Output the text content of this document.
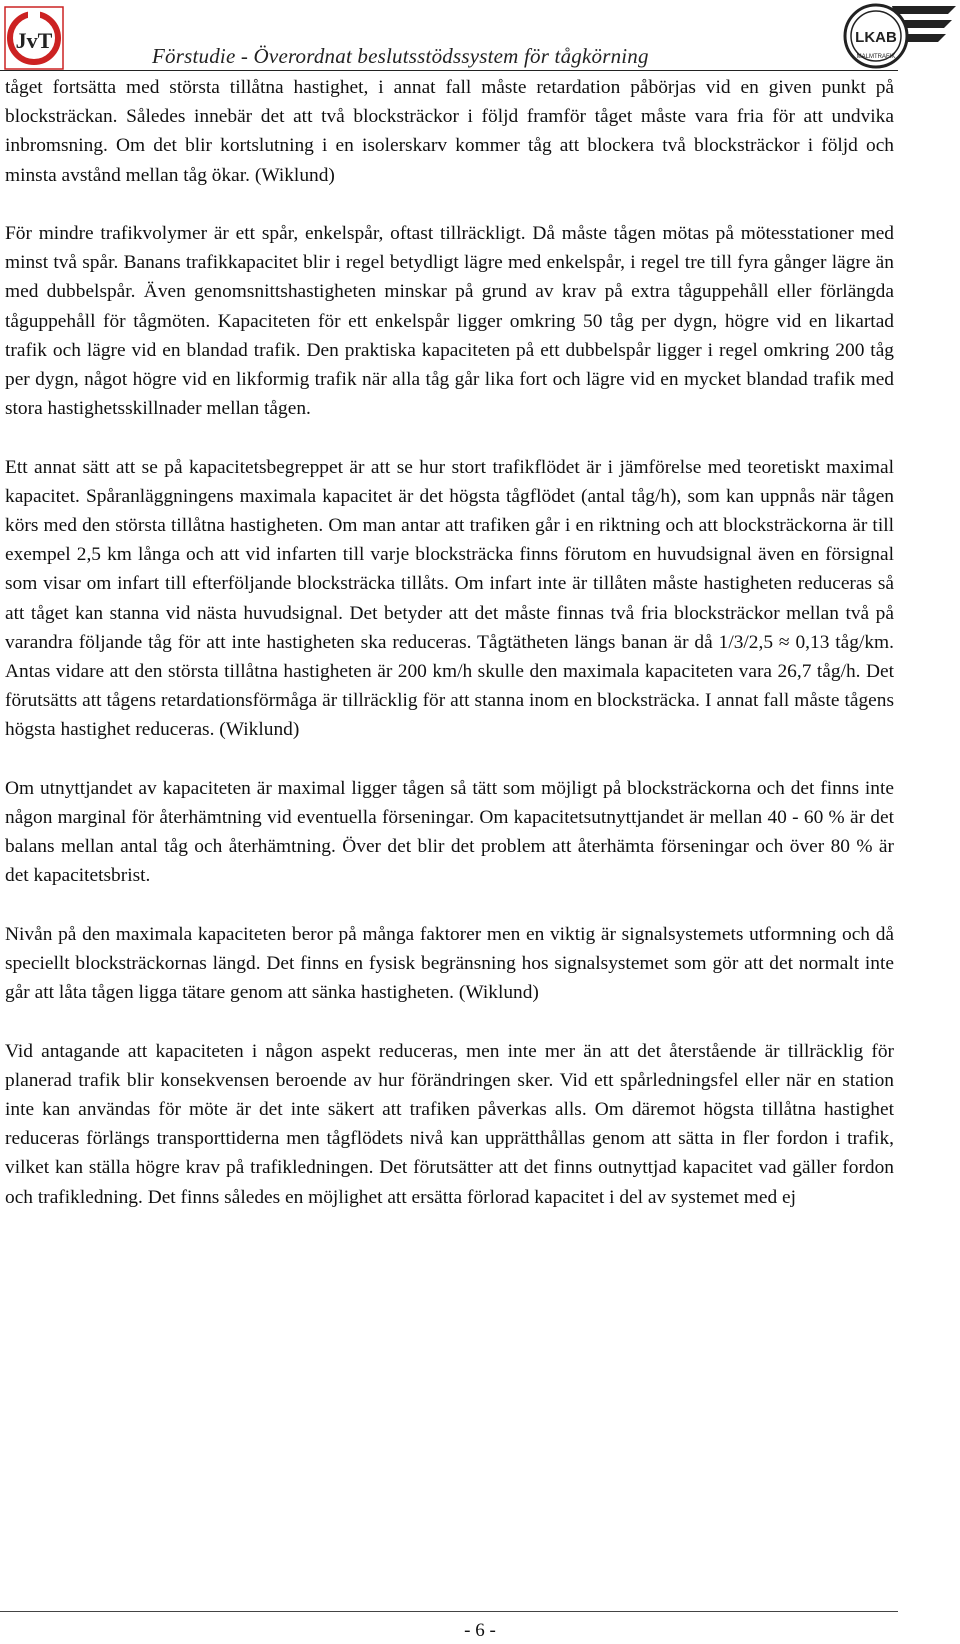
JvT
Förstudie - Överordnat beslutsstödssystem för tågkörning
LKAB
MALMTRAFIK

tåget fortsätta med största tillåtna hastighet, i annat fall måste retardation påbörjas vid en given punkt på blocksträckan. Således innebär det att två blocksträckor i följd framför tåget måste vara fria för att undvika inbromsning. Om det blir kortslutning i en isolerskarv kommer tåg att blockera två blocksträckor i följd och minsta avstånd mellan tåg ökar. (Wiklund)

För mindre trafikvolymer är ett spår, enkelspår, oftast tillräckligt. Då måste tågen mötas på mötesstationer med minst två spår. Banans trafikkapacitet blir i regel betydligt lägre med enkelspår, i regel tre till fyra gånger lägre än med dubbelspår. Även genomsnittshastigheten minskar på grund av krav på extra tåguppehåll eller förlängda tåguppehåll för tågmöten. Kapaciteten för ett enkelspår ligger omkring 50 tåg per dygn, högre vid en likartad trafik och lägre vid en blandad trafik. Den praktiska kapaciteten på ett dubbelspår ligger i regel omkring 200 tåg per dygn, något högre vid en likformig trafik när alla tåg går lika fort och lägre vid en mycket blandad trafik med stora hastighetsskillnader mellan tågen.

Ett annat sätt att se på kapacitetsbegreppet är att se hur stort trafikflödet är i jämförelse med teoretiskt maximal kapacitet. Spåranläggningens maximala kapacitet är det högsta tågflödet (antal tåg/h), som kan uppnås när tågen körs med den största tillåtna hastigheten. Om man antar att trafiken går i en riktning och att blocksträckorna är till exempel 2,5 km långa och att vid infarten till varje blocksträcka finns förutom en huvudsignal även en försignal som visar om infart till efterföljande blocksträcka tillåts. Om infart inte är tillåten måste hastigheten reduceras så att tåget kan stanna vid nästa huvudsignal. Det betyder att det måste finnas två fria blocksträckor mellan två på varandra följande tåg för att inte hastigheten ska reduceras. Tågtätheten längs banan är då 1/3/2,5 ≈ 0,13 tåg/km. Antas vidare att den största tillåtna hastigheten är 200 km/h skulle den maximala kapaciteten vara 26,7 tåg/h. Det förutsätts att tågens retardationsförmåga är tillräcklig för att stanna inom en blocksträcka. I annat fall måste tågens högsta hastighet reduceras. (Wiklund)

Om utnyttjandet av kapaciteten är maximal ligger tågen så tätt som möjligt på blocksträckorna och det finns inte någon marginal för återhämtning vid eventuella förseningar. Om kapacitetsutnyttjandet är mellan 40 - 60 % är det balans mellan antal tåg och återhämtning. Över det blir det problem att återhämta förseningar och över 80 % är det kapacitetsbrist.

Nivån på den maximala kapaciteten beror på många faktorer men en viktig är signalsystemets utformning och då speciellt blocksträckornas längd. Det finns en fysisk begränsning hos signalsystemet som gör att det normalt inte går att låta tågen ligga tätare genom att sänka hastigheten. (Wiklund)

Vid antagande att kapaciteten i någon aspekt reduceras, men inte mer än att det återstående är tillräcklig för planerad trafik blir konsekvensen beroende av hur förändringen sker. Vid ett spårledningsfel eller när en station inte kan användas för möte är det inte säkert att trafiken påverkas alls. Om däremot högsta tillåtna hastighet reduceras förlängs transporttiderna men tågflödets nivå kan upprätthållas genom att sätta in fler fordon i trafik, vilket kan ställa högre krav på trafikledningen. Det förutsätter att det finns outnyttjad kapacitet vad gäller fordon och trafikledning. Det finns således en möjlighet att ersätta förlorad kapacitet i del av systemet med ej

- 6 -
